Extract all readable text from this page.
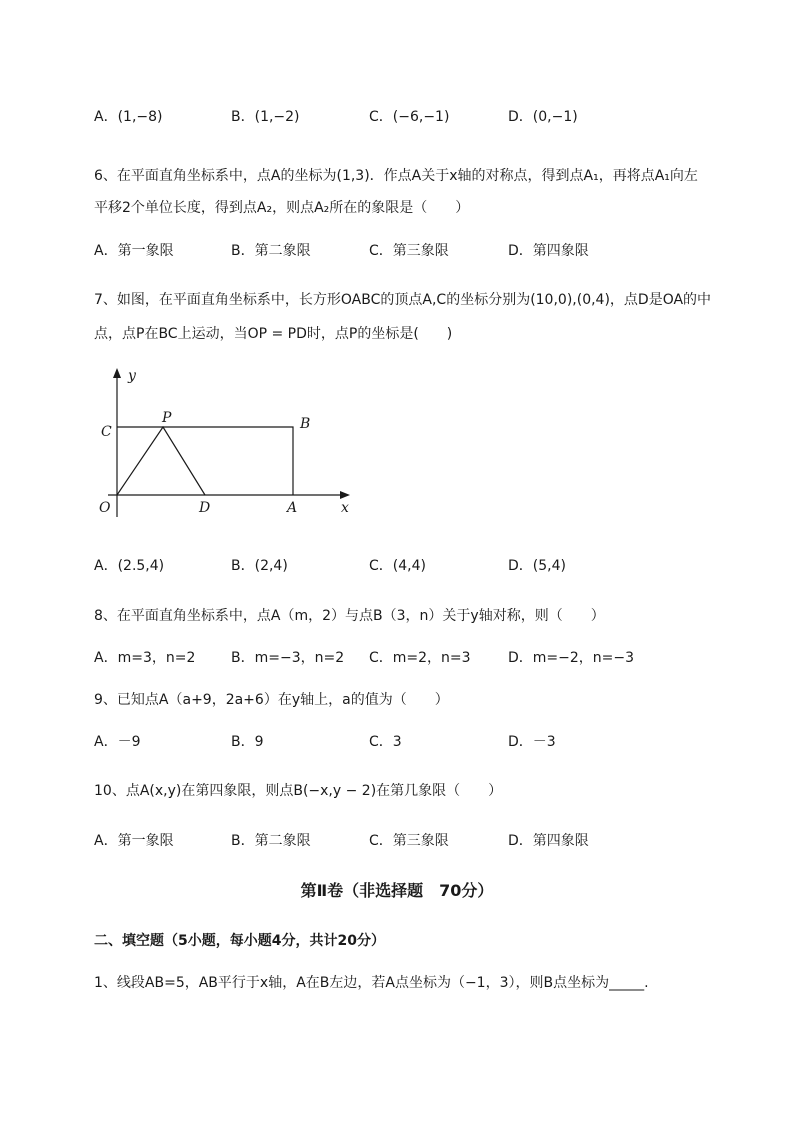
A．(1,−8)	B．(1,−2)	C．(−6,−1)	D．(0,−1)
6、在平面直角坐标系中，点A的坐标为(1,3)．作点A关于x轴的对称点，得到点A₁，再将点A₁向左
平移2个单位长度，得到点A₂，则点A₂所在的象限是（　　）
A．第一象限	B．第二象限	C．第三象限	D．第四象限
7、如图，在平面直角坐标系中，长方形OABC的顶点A,C的坐标分别为(10,0),(0,4)，点D是OA的中
点，点P在BC上运动，当OP = PD时，点P的坐标是(　　)
y
x
C
P	B
O	D	A
A．(2.5,4)	B．(2,4)	C．(4,4)	D．(5,4)
8、在平面直角坐标系中，点A（m，2）与点B（3，n）关于y轴对称，则（　　）
A．m=3，n=2	B．m=−3，n=2 C．m=2，n=3	D．m=−2，n=−3
9、已知点A（a+9，2a+6）在y轴上，a的值为（　　）
A．－9	B．9	C．3	D．－3
10、点A(x,y)在第四象限，则点B(−x,y − 2)在第几象限（　　）
A．第一象限	B．第二象限	C．第三象限	D．第四象限
第Ⅱ卷（非选择题　70分）
二、填空题（5小题，每小题4分，共计20分）
1、线段AB=5，AB平行于x轴，A在B左边，若A点坐标为（−1，3），则B点坐标为_____.
